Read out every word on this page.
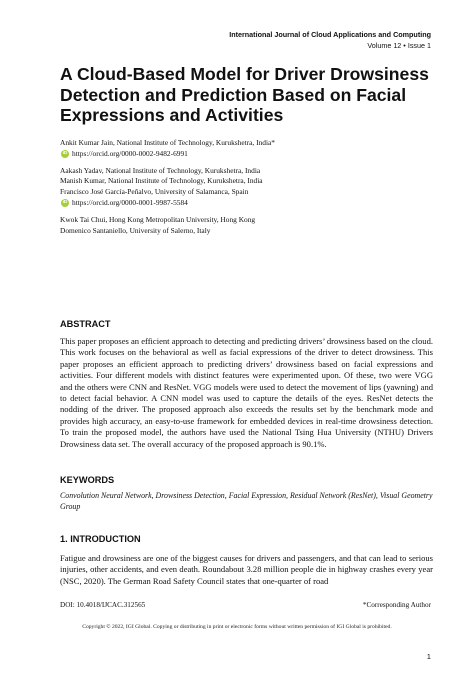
International Journal of Cloud Applications and Computing
Volume 12 • Issue 1
A Cloud-Based Model for Driver Drowsiness Detection and Prediction Based on Facial Expressions and Activities
Ankit Kumar Jain, National Institute of Technology, Kurukshetra, India*
iD https://orcid.org/0000-0002-9482-6991
Aakash Yadav, National Institute of Technology, Kurukshetra, India
Manish Kumar, National Institute of Technology, Kurukshetra, India
Francisco José García-Peñalvo, University of Salamanca, Spain
iD https://orcid.org/0000-0001-9987-5584
Kwok Tai Chui, Hong Kong Metropolitan University, Hong Kong
Domenico Santaniello, University of Salerno, Italy
ABSTRACT
This paper proposes an efficient approach to detecting and predicting drivers’ drowsiness based on the cloud. This work focuses on the behavioral as well as facial expressions of the driver to detect drowsiness. This paper proposes an efficient approach to predicting drivers’ drowsiness based on facial expressions and activities. Four different models with distinct features were experimented upon. Of these, two were VGG and the others were CNN and ResNet. VGG models were used to detect the movement of lips (yawning) and to detect facial behavior. A CNN model was used to capture the details of the eyes. ResNet detects the nodding of the driver. The proposed approach also exceeds the results set by the benchmark mode and provides high accuracy, an easy-to-use framework for embedded devices in real-time drowsiness detection. To train the proposed model, the authors have used the National Tsing Hua University (NTHU) Drivers Drowsiness data set. The overall accuracy of the proposed approach is 90.1%.
KEYWORDS
Convolution Neural Network, Drowsiness Detection, Facial Expression, Residual Network (ResNet), Visual Geometry Group
1. INTRODUCTION
Fatigue and drowsiness are one of the biggest causes for drivers and passengers, and that can lead to serious injuries, other accidents, and even death. Roundabout 3.28 million people die in highway crashes every year (NSC, 2020). The German Road Safety Council states that one-quarter of road
DOI: 10.4018/IJCAC.312565	*Corresponding Author
Copyright © 2022, IGI Global. Copying or distributing in print or electronic forms without written permission of IGI Global is prohibited.
1
